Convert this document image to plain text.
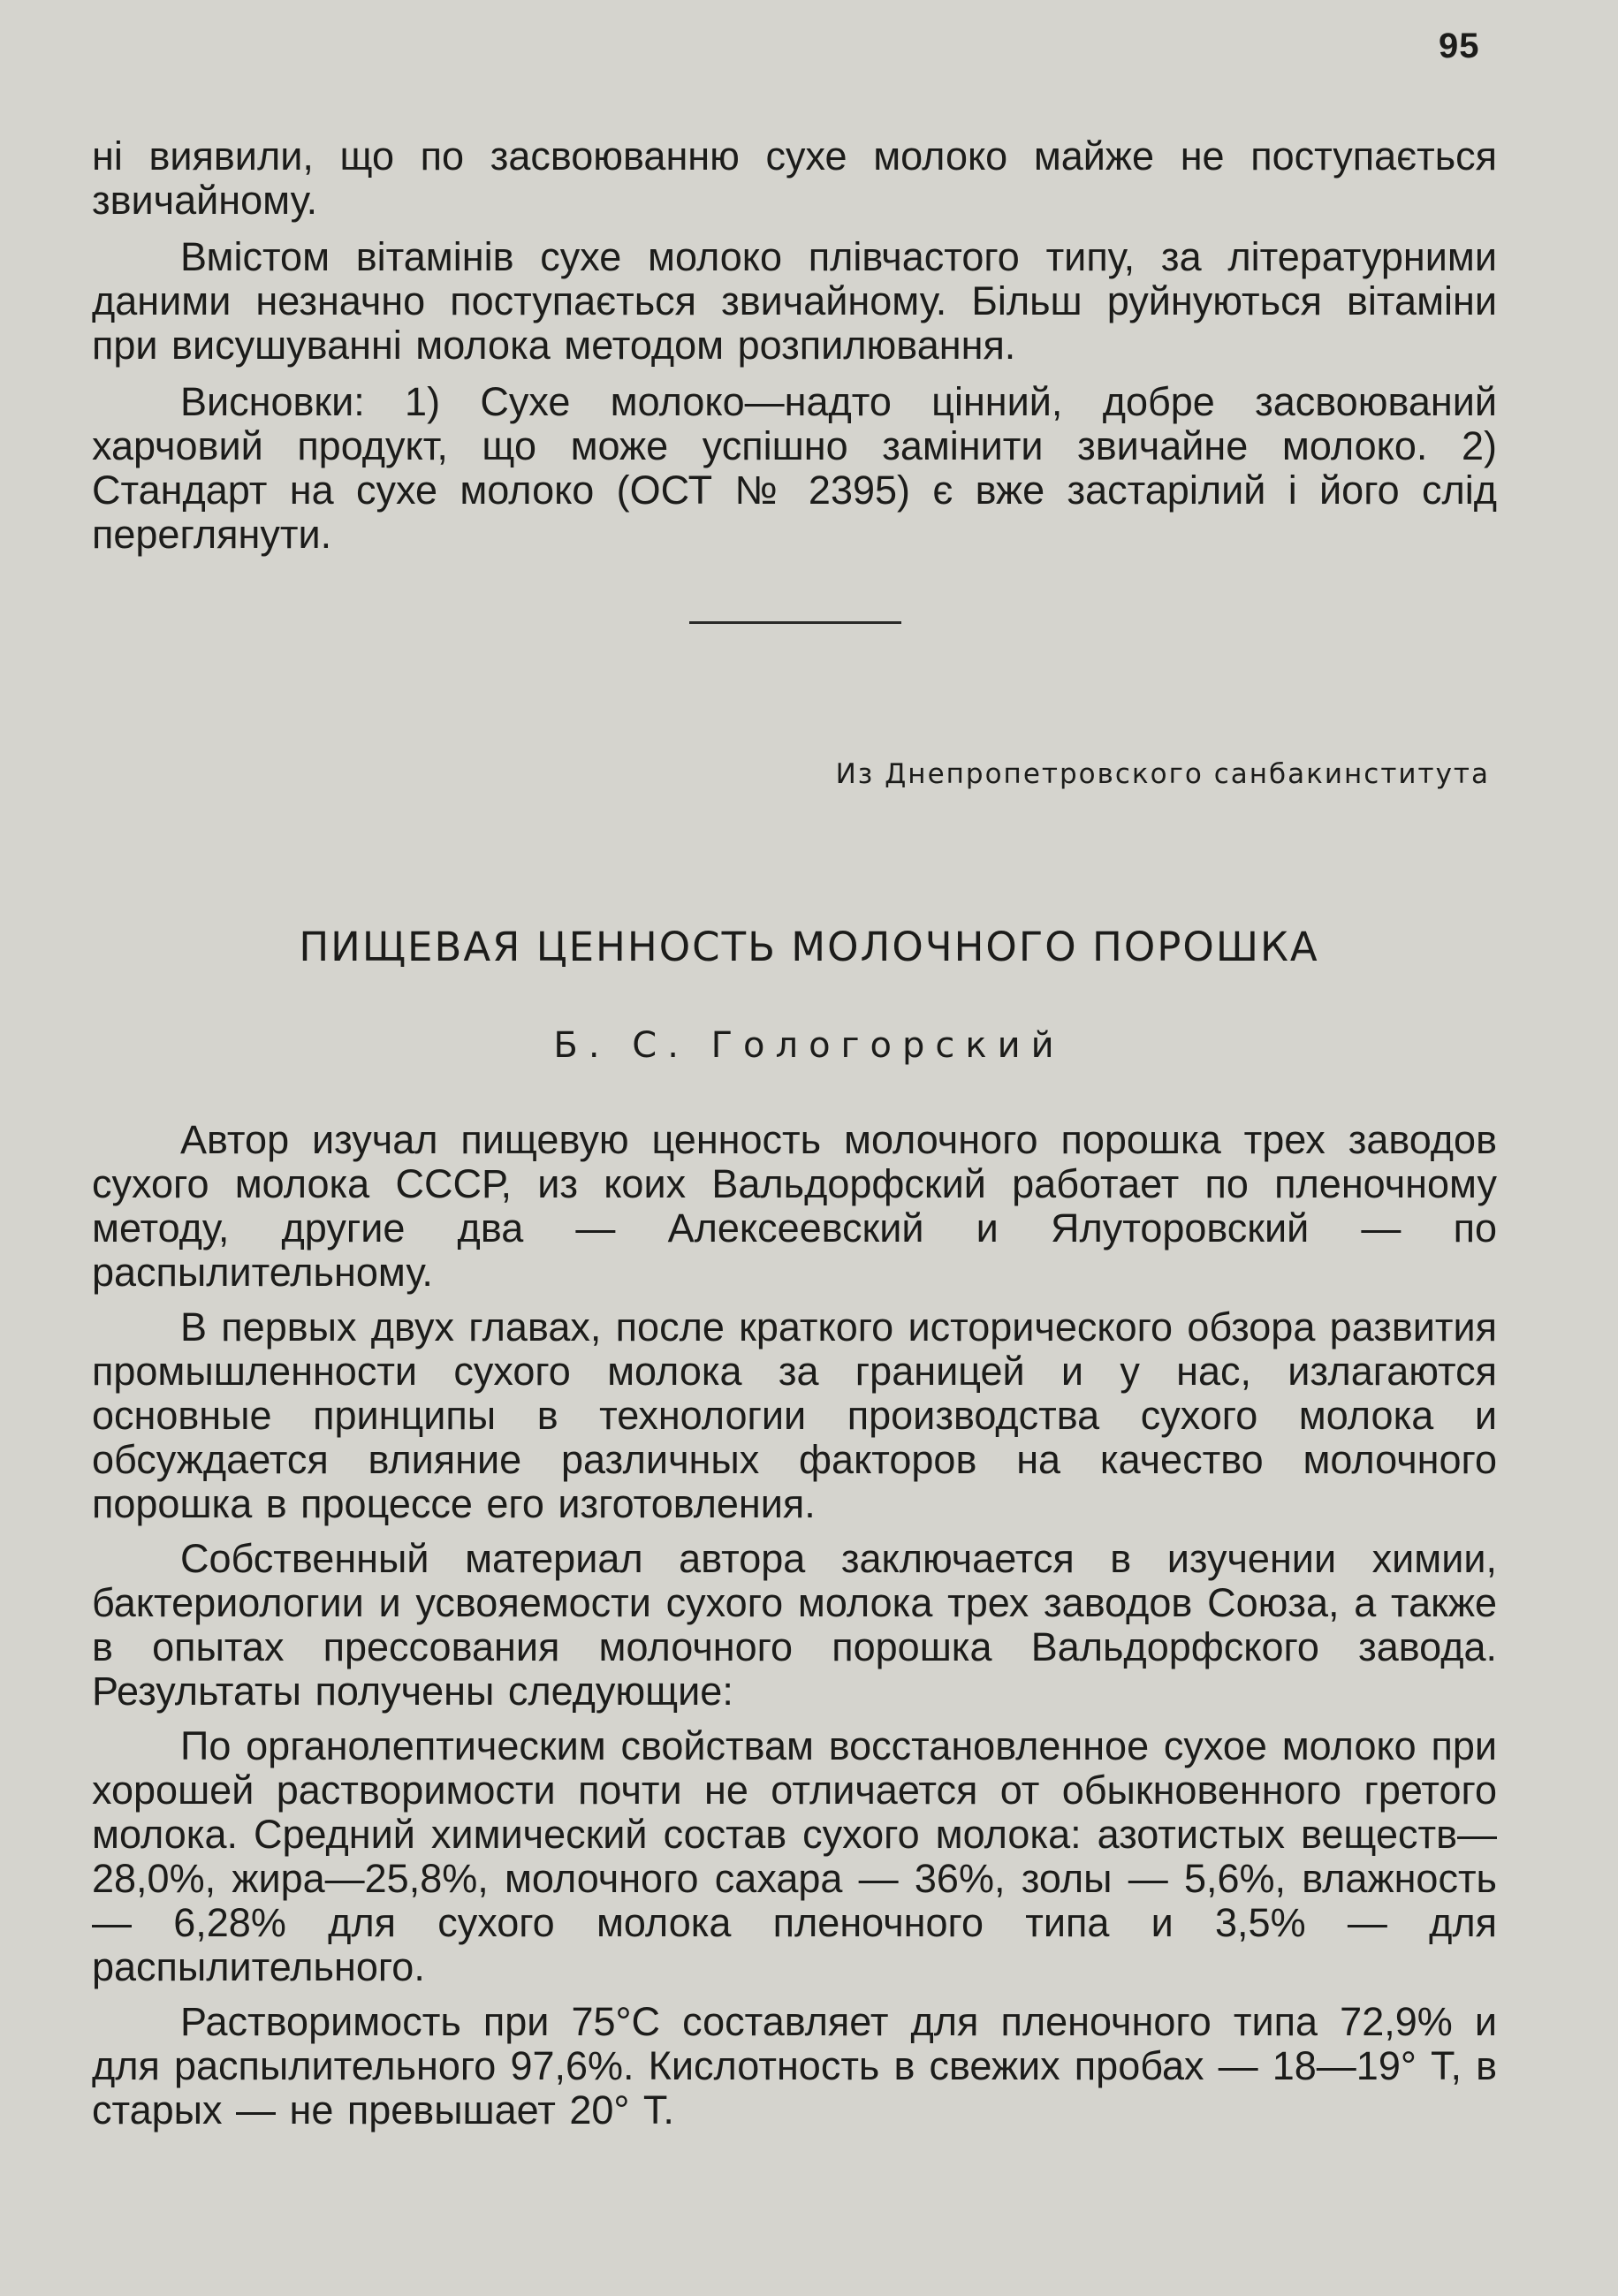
95

ні виявили, що по засвоюванню сухе молоко майже не поступається звичайному.

Вмістом вітамінів сухе молоко плівчастого типу, за літературними даними незначно поступається звичайному. Більш руйнуються вітаміни при висушуванні молока методом розпилювання.

Висновки: 1) Сухе молоко—надто цінний, добре засвоюваний харчовий продукт, що може успішно замінити звичайне молоко. 2) Стандарт на сухе молоко (ОСТ № 2395) є вже застарілий і його слід переглянути.

Из Днепропетровского санбакинститута
ПИЩЕВАЯ ЦЕННОСТЬ МОЛОЧНОГО ПОРОШКА
Б. С. Гологорский

Автор изучал пищевую ценность молочного порошка трех заводов сухого молока СССР, из коих Вальдорфский работает по пленочному методу, другие два — Алексеевский и Ялуторовский — по распылительному.

В первых двух главах, после краткого исторического обзора развития промышленности сухого молока за границей и у нас, излагаются основные принципы в технологии производства сухого молока и обсуждается влияние различных факторов на качество молочного порошка в процессе его изготовления.

Собственный материал автора заключается в изучении химии, бактериологии и усвояемости сухого молока трех заводов Союза, а также в опытах прессования молочного порошка Вальдорфского завода. Результаты получены следующие:

По органолептическим свойствам восстановленное сухое молоко при хорошей растворимости почти не отличается от обыкновенного гретого молока. Средний химический состав сухого молока: азотистых веществ—28,0%, жира—25,8%, молочного сахара — 36%, золы — 5,6%, влажность — 6,28% для сухого молока пленочного типа и 3,5% — для распылительного.

Растворимость при 75°С составляет для пленочного типа 72,9% и для распылительного 97,6%. Кислотность в свежих пробах — 18—19° Т, в старых — не превышает 20° Т.
